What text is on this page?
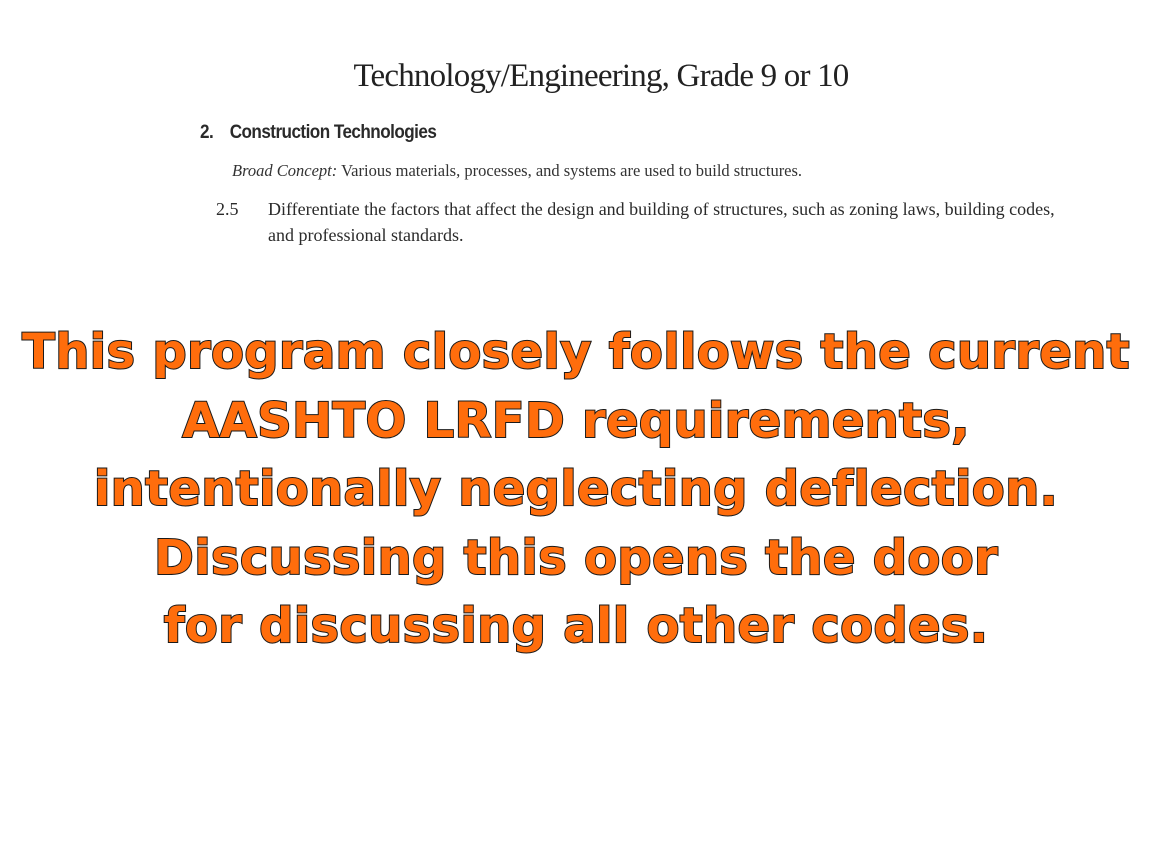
Technology/Engineering, Grade 9 or 10
2. Construction Technologies
Broad Concept: Various materials, processes, and systems are used to build structures.
2.5 Differentiate the factors that affect the design and building of structures, such as zoning laws, building codes, and professional standards.
This program closely follows the current
AASHTO LRFD requirements,
intentionally neglecting deflection.
Discussing this opens the door
for discussing all other codes.
